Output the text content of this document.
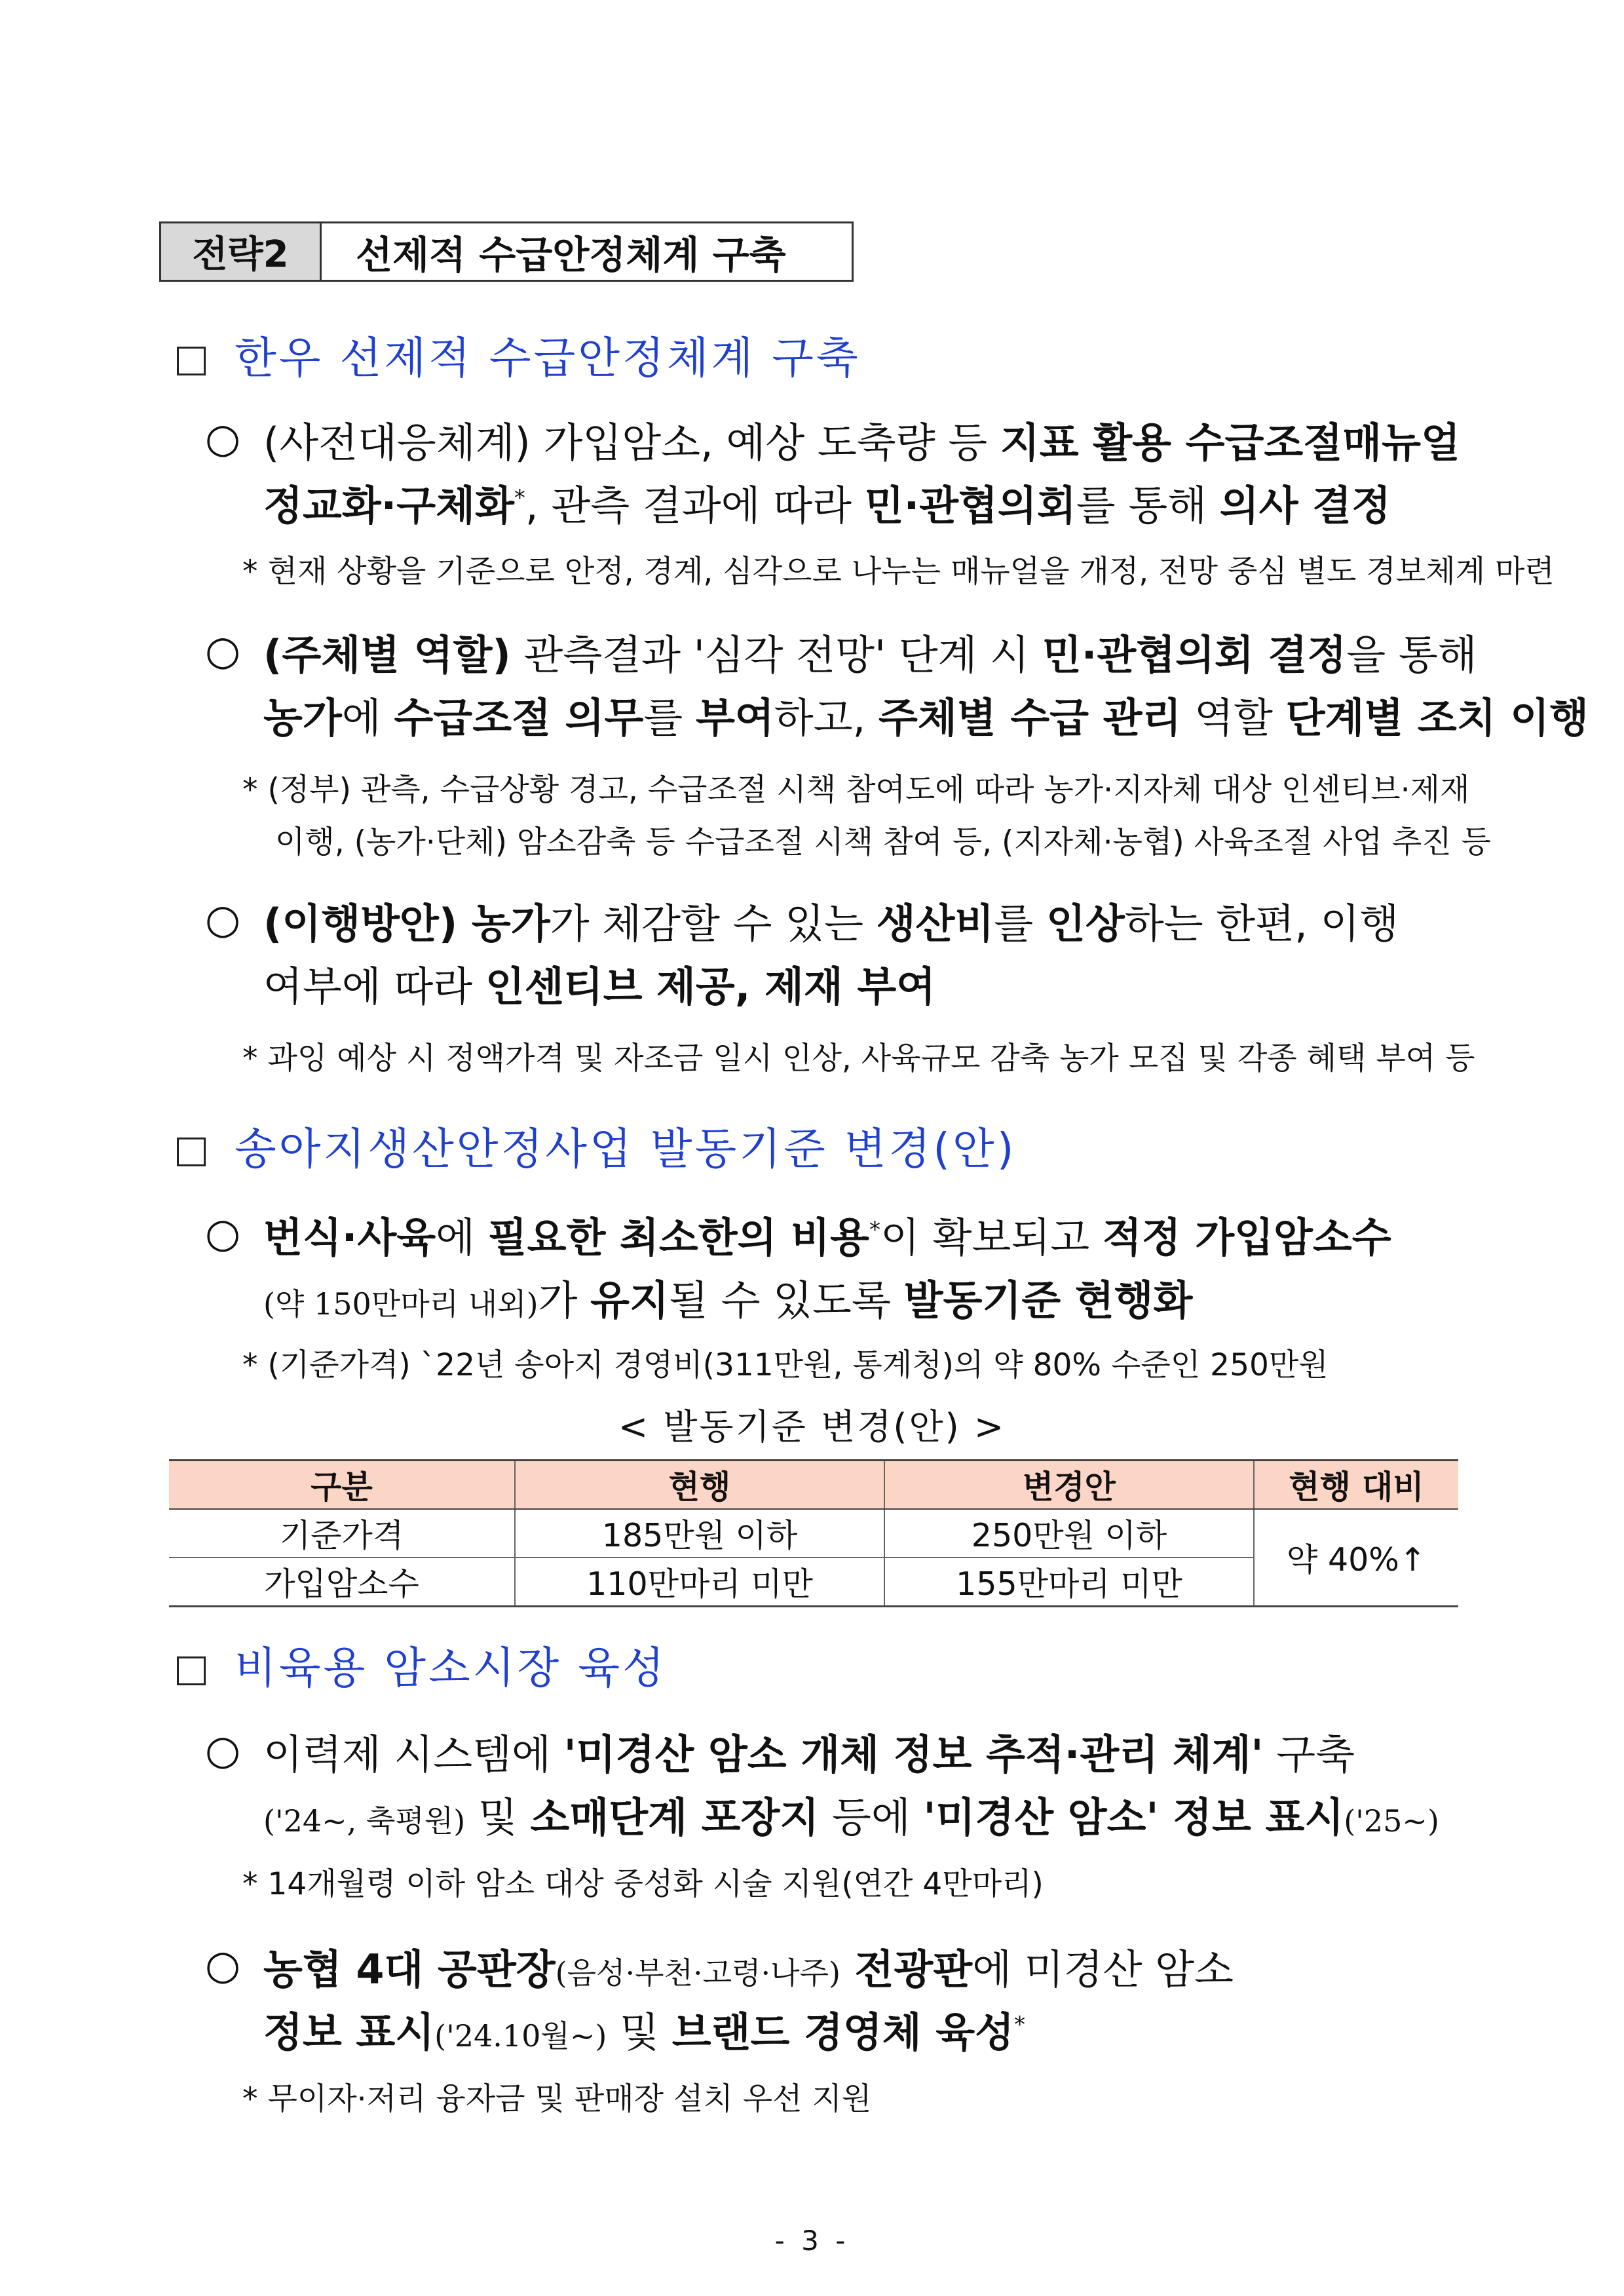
전략2	선제적 수급안정체계 구축
한우 선제적 수급안정체계 구축
○ (사전대응체계) 가입암소, 예상 도축량 등 지표 활용 수급조절매뉴얼
정교화·구체화*, 관측 결과에 따라 민·관협의회를 통해 의사 결정
* 현재 상황을 기준으로 안정, 경계, 심각으로 나누는 매뉴얼을 개정, 전망 중심 별도 경보체계 마련
○ (주체별 역할) 관측결과 '심각 전망' 단계 시 민·관협의회 결정을 통해
농가에 수급조절 의무를 부여하고, 주체별 수급 관리 역할 단계별 조치 이행
* (정부) 관측, 수급상황 경고, 수급조절 시책 참여도에 따라 농가·지자체 대상 인센티브·제재
이행, (농가·단체) 암소감축 등 수급조절 시책 참여 등, (지자체·농협) 사육조절 사업 추진 등
○ (이행방안) 농가가 체감할 수 있는 생산비를 인상하는 한편, 이행
여부에 따라 인센티브 제공, 제재 부여
* 과잉 예상 시 정액가격 및 자조금 일시 인상, 사육규모 감축 농가 모집 및 각종 혜택 부여 등
송아지생산안정사업 발동기준 변경(안)
○ 번식·사육에 필요한 최소한의 비용*이 확보되고 적정 가입암소수
(약 150만마리 내외)가 유지될 수 있도록 발동기준 현행화
* (기준가격) `22년 송아지 경영비(311만원, 통계청)의 약 80% 수준인 250만원
< 발동기준 변경(안) >
구분	현행	변경안	현행 대비
기준가격	185만원 이하	250만원 이하	약 40%↑
가입암소수	110만마리 미만	155만마리 미만	
비육용 암소시장 육성
○ 이력제 시스템에 '미경산 암소 개체 정보 추적·관리 체계' 구축
('24~, 축평원) 및 소매단계 포장지 등에 '미경산 암소' 정보 표시('25~)
* 14개월령 이하 암소 대상 중성화 시술 지원(연간 4만마리)
○ 농협 4대 공판장(음성·부천·고령·나주) 전광판에 미경산 암소
정보 표시('24.10월~) 및 브랜드 경영체 육성*
* 무이자·저리 융자금 및 판매장 설치 우선 지원
- 3 -
